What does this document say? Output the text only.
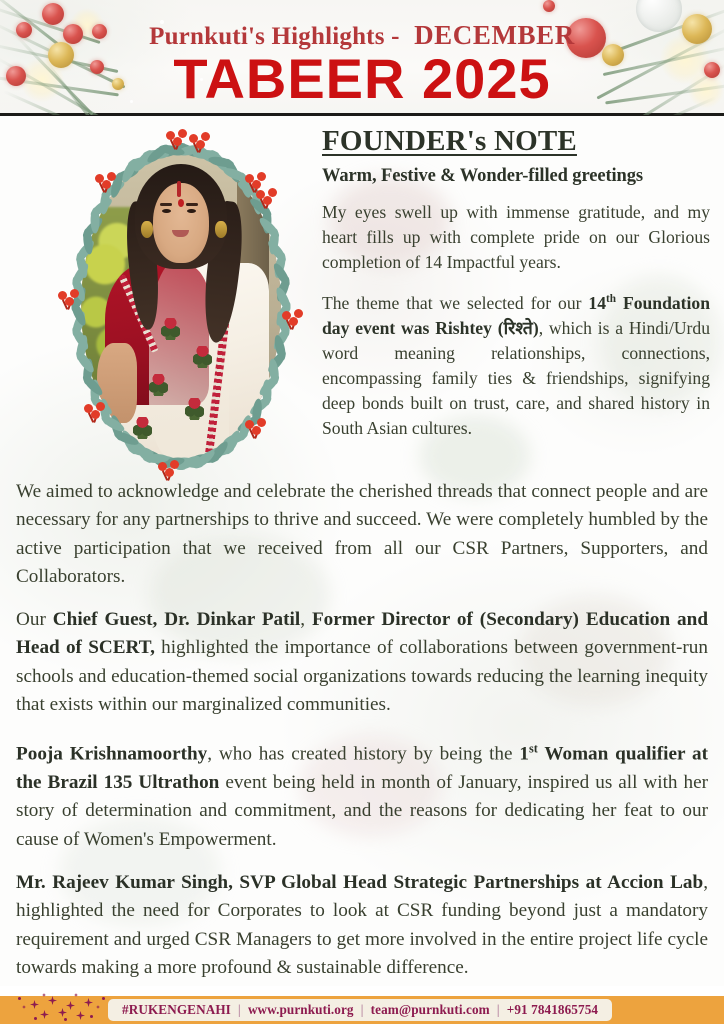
Purnkuti's Highlights - DECEMBER
TABEER 2025
FOUNDER's NOTE
Warm, Festive & Wonder-filled greetings

My eyes swell up with immense gratitude, and my heart fills up with complete pride on our Glorious completion of 14 Impactful years.

The theme that we selected for our 14th Foundation day event was Rishtey (रिश्ते), which is a Hindi/Urdu word meaning relationships, connections, encompassing family ties & friendships, signifying deep bonds built on trust, care, and shared history in South Asian cultures.

We aimed to acknowledge and celebrate the cherished threads that connect people and are necessary for any partnerships to thrive and succeed. We were completely humbled by the active participation that we received from all our CSR Partners, Supporters, and Collaborators.

Our Chief Guest, Dr. Dinkar Patil, Former Director of (Secondary) Education and Head of SCERT, highlighted the importance of collaborations between government-run schools and education-themed social organizations towards reducing the learning inequity that exists within our marginalized communities.

Pooja Krishnamoorthy, who has created history by being the 1st Woman qualifier at the Brazil 135 Ultrathon event being held in month of January, inspired us all with her story of determination and commitment, and the reasons for dedicating her feat to our cause of Women's Empowerment.

Mr. Rajeev Kumar Singh, SVP Global Head Strategic Partnerships at Accion Lab, highlighted the need for Corporates to look at CSR funding beyond just a mandatory requirement and urged CSR Managers to get more involved in the entire project life cycle towards making a more profound & sustainable difference.

#RUKENGENAHI | www.purnkuti.org | team@purnkuti.com | +91 7841865754
